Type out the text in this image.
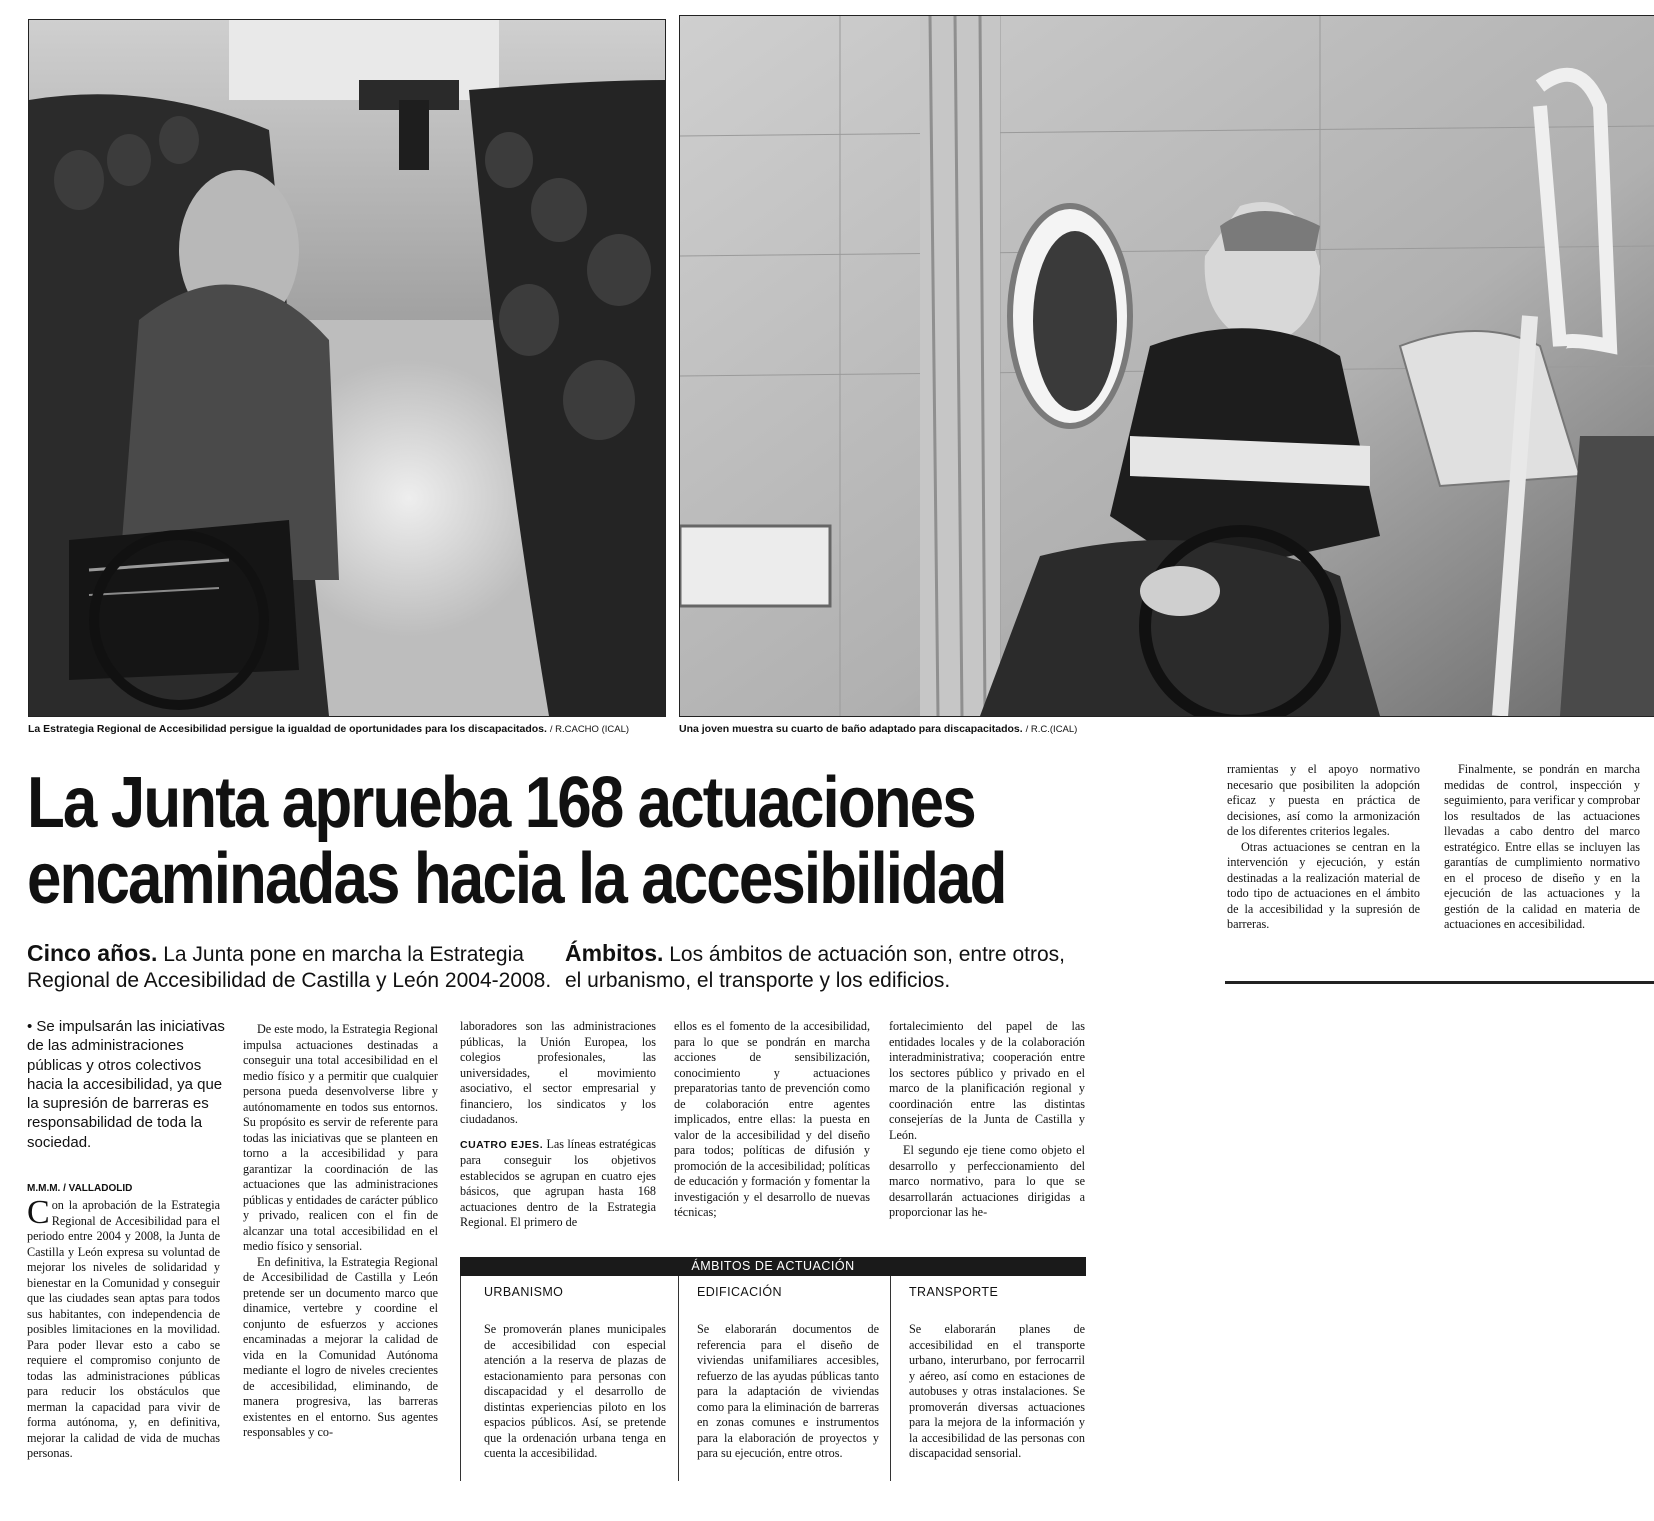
La Estrategia Regional de Accesibilidad persigue la igualdad de oportunidades para los discapacitados. / R.CACHO (ICAL)	Una joven muestra su cuarto de baño adaptado para discapacitados. / R.C.(ICAL)
La Junta aprueba 168 actuaciones
encaminadas hacia la accesibilidad
Cinco años. La Junta pone en marcha la Estrategia Regional de Accesibilidad de Castilla y León 2004-2008.
Ámbitos. Los ámbitos de actuación son, entre otros, el urbanismo, el transporte y los edificios.
• Se impulsarán las iniciativas de las administraciones públicas y otros colectivos hacia la accesibilidad, ya que la supresión de barreras es responsabilidad de toda la sociedad.
M.M.M. / VALLADOLID

Con la aprobación de la Estrategia Regional de Accesibilidad para el periodo entre 2004 y 2008, la Junta de Castilla y León expresa su voluntad de mejorar los niveles de solidaridad y bienestar en la Comunidad y conseguir que las ciudades sean aptas para todos sus habitantes, con independencia de posibles limitaciones en la movilidad. Para poder llevar esto a cabo se requiere el compromiso conjunto de todas las administraciones públicas para reducir los obstáculos que merman la capacidad para vivir de forma autónoma, y, en definitiva, mejorar la calidad de vida de muchas personas.

De este modo, la Estrategia Regional impulsa actuaciones destinadas a conseguir una total accesibilidad en el medio físico y a permitir que cualquier persona pueda desenvolverse libre y autónomamente en todos sus entornos. Su propósito es servir de referente para todas las iniciativas que se planteen en torno a la accesibilidad y para garantizar la coordinación de las actuaciones que las administraciones públicas y entidades de carácter público y privado, realicen con el fin de alcanzar una total accesibilidad en el medio físico y sensorial.

En definitiva, la Estrategia Regional de Accesibilidad de Castilla y León pretende ser un documento marco que dinamice, vertebre y coordine el conjunto de esfuerzos y acciones encaminadas a mejorar la calidad de vida en la Comunidad Autónoma mediante el logro de niveles crecientes de accesibilidad, eliminando, de manera progresiva, las barreras existentes en el entorno. Sus agentes responsables y co-

laboradores son las administraciones públicas, la Unión Europea, los colegios profesionales, las universidades, el movimiento asociativo, el sector empresarial y financiero, los sindicatos y los ciudadanos.

CUATRO EJES. Las líneas estratégicas para conseguir los objetivos establecidos se agrupan en cuatro ejes básicos, que agrupan hasta 168 actuaciones dentro de la Estrategia Regional. El primero de

ellos es el fomento de la accesibilidad, para lo que se pondrán en marcha acciones de sensibilización, conocimiento y actuaciones preparatorias tanto de prevención como de colaboración entre agentes implicados, entre ellas: la puesta en valor de la accesibilidad y del diseño para todos; políticas de difusión y promoción de la accesibilidad; políticas de educación y formación y fomentar la investigación y el desarrollo de nuevas técnicas;

fortalecimiento del papel de las entidades locales y de la colaboración interadministrativa; cooperación entre los sectores público y privado en el marco de la planificación regional y coordinación entre las distintas consejerías de la Junta de Castilla y León.

El segundo eje tiene como objeto el desarrollo y perfeccionamiento del marco normativo, para lo que se desarrollarán actuaciones dirigidas a proporcionar las he-

rramientas y el apoyo normativo necesario que posibiliten la adopción eficaz y puesta en práctica de decisiones, así como la armonización de los diferentes criterios legales.

Otras actuaciones se centran en la intervención y ejecución, y están destinadas a la realización material de todo tipo de actuaciones en el ámbito de la accesibilidad y la supresión de barreras.

Finalmente, se pondrán en marcha medidas de control, inspección y seguimiento, para verificar y comprobar los resultados de las actuaciones llevadas a cabo dentro del marco estratégico. Entre ellas se incluyen las garantías de cumplimiento normativo en el proceso de diseño y en la ejecución de las actuaciones y la gestión de la calidad en materia de actuaciones en accesibilidad.

ÁMBITOS DE ACTUACIÓN
URBANISMO

Se promoverán planes municipales de accesibilidad con especial atención a la reserva de plazas de estacionamiento para personas con discapacidad y el desarrollo de distintas experiencias piloto en los espacios públicos. Así, se pretende que la ordenación urbana tenga en cuenta la accesibilidad.

EDIFICACIÓN

Se elaborarán documentos de referencia para el diseño de viviendas unifamiliares accesibles, refuerzo de las ayudas públicas tanto para la adaptación de viviendas como para la eliminación de barreras en zonas comunes e instrumentos para la elaboración de proyectos y para su ejecución, entre otros.

TRANSPORTE

Se elaborarán planes de accesibilidad en el transporte urbano, interurbano, por ferrocarril y aéreo, así como en estaciones de autobuses y otras instalaciones. Se promoverán diversas actuaciones para la mejora de la información y la accesibilidad de las personas con discapacidad sensorial.
